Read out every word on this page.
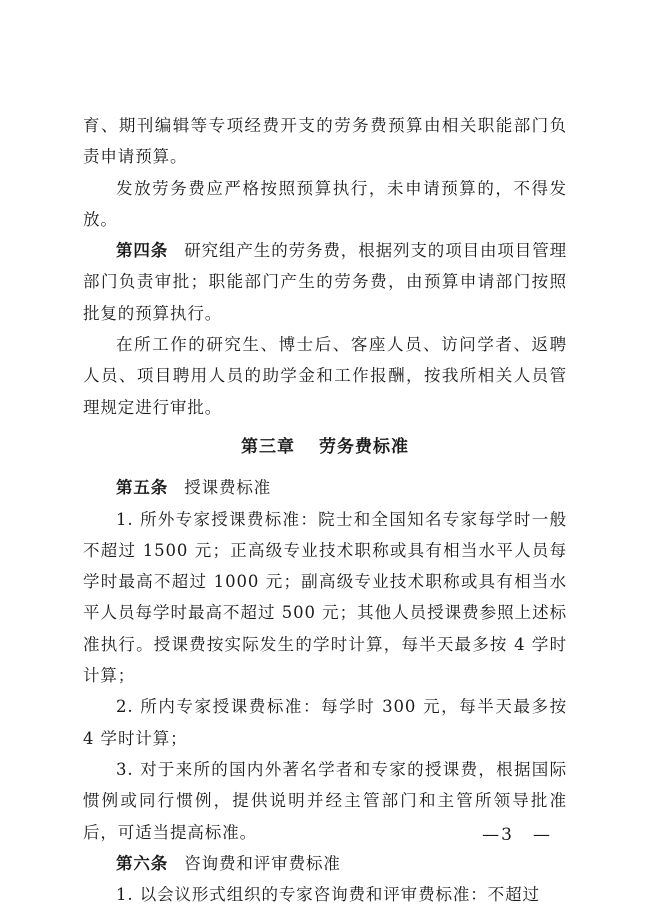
育、期刊编辑等专项经费开支的劳务费预算由相关职能部门负责申请预算。

发放劳务费应严格按照预算执行，未申请预算的，不得发放。

第四条 研究组产生的劳务费，根据列支的项目由项目管理部门负责审批；职能部门产生的劳务费，由预算申请部门按照批复的预算执行。

在所工作的研究生、博士后、客座人员、访问学者、返聘人员、项目聘用人员的助学金和工作报酬，按我所相关人员管理规定进行审批。

第三章 劳务费标准

第五条 授课费标准

1. 所外专家授课费标准：院士和全国知名专家每学时一般不超过 1500 元；正高级专业技术职称或具有相当水平人员每学时最高不超过 1000 元；副高级专业技术职称或具有相当水平人员每学时最高不超过 500 元；其他人员授课费参照上述标准执行。授课费按实际发生的学时计算，每半天最多按 4 学时计算；

2. 所内专家授课费标准：每学时 300 元，每半天最多按 4 学时计算；

3. 对于来所的国内外著名学者和专家的授课费，根据国际惯例或同行惯例，提供说明并经主管部门和主管所领导批准后，可适当提高标准。

第六条 咨询费和评审费标准

1. 以会议形式组织的专家咨询费和评审费标准：不超过

—3　—
